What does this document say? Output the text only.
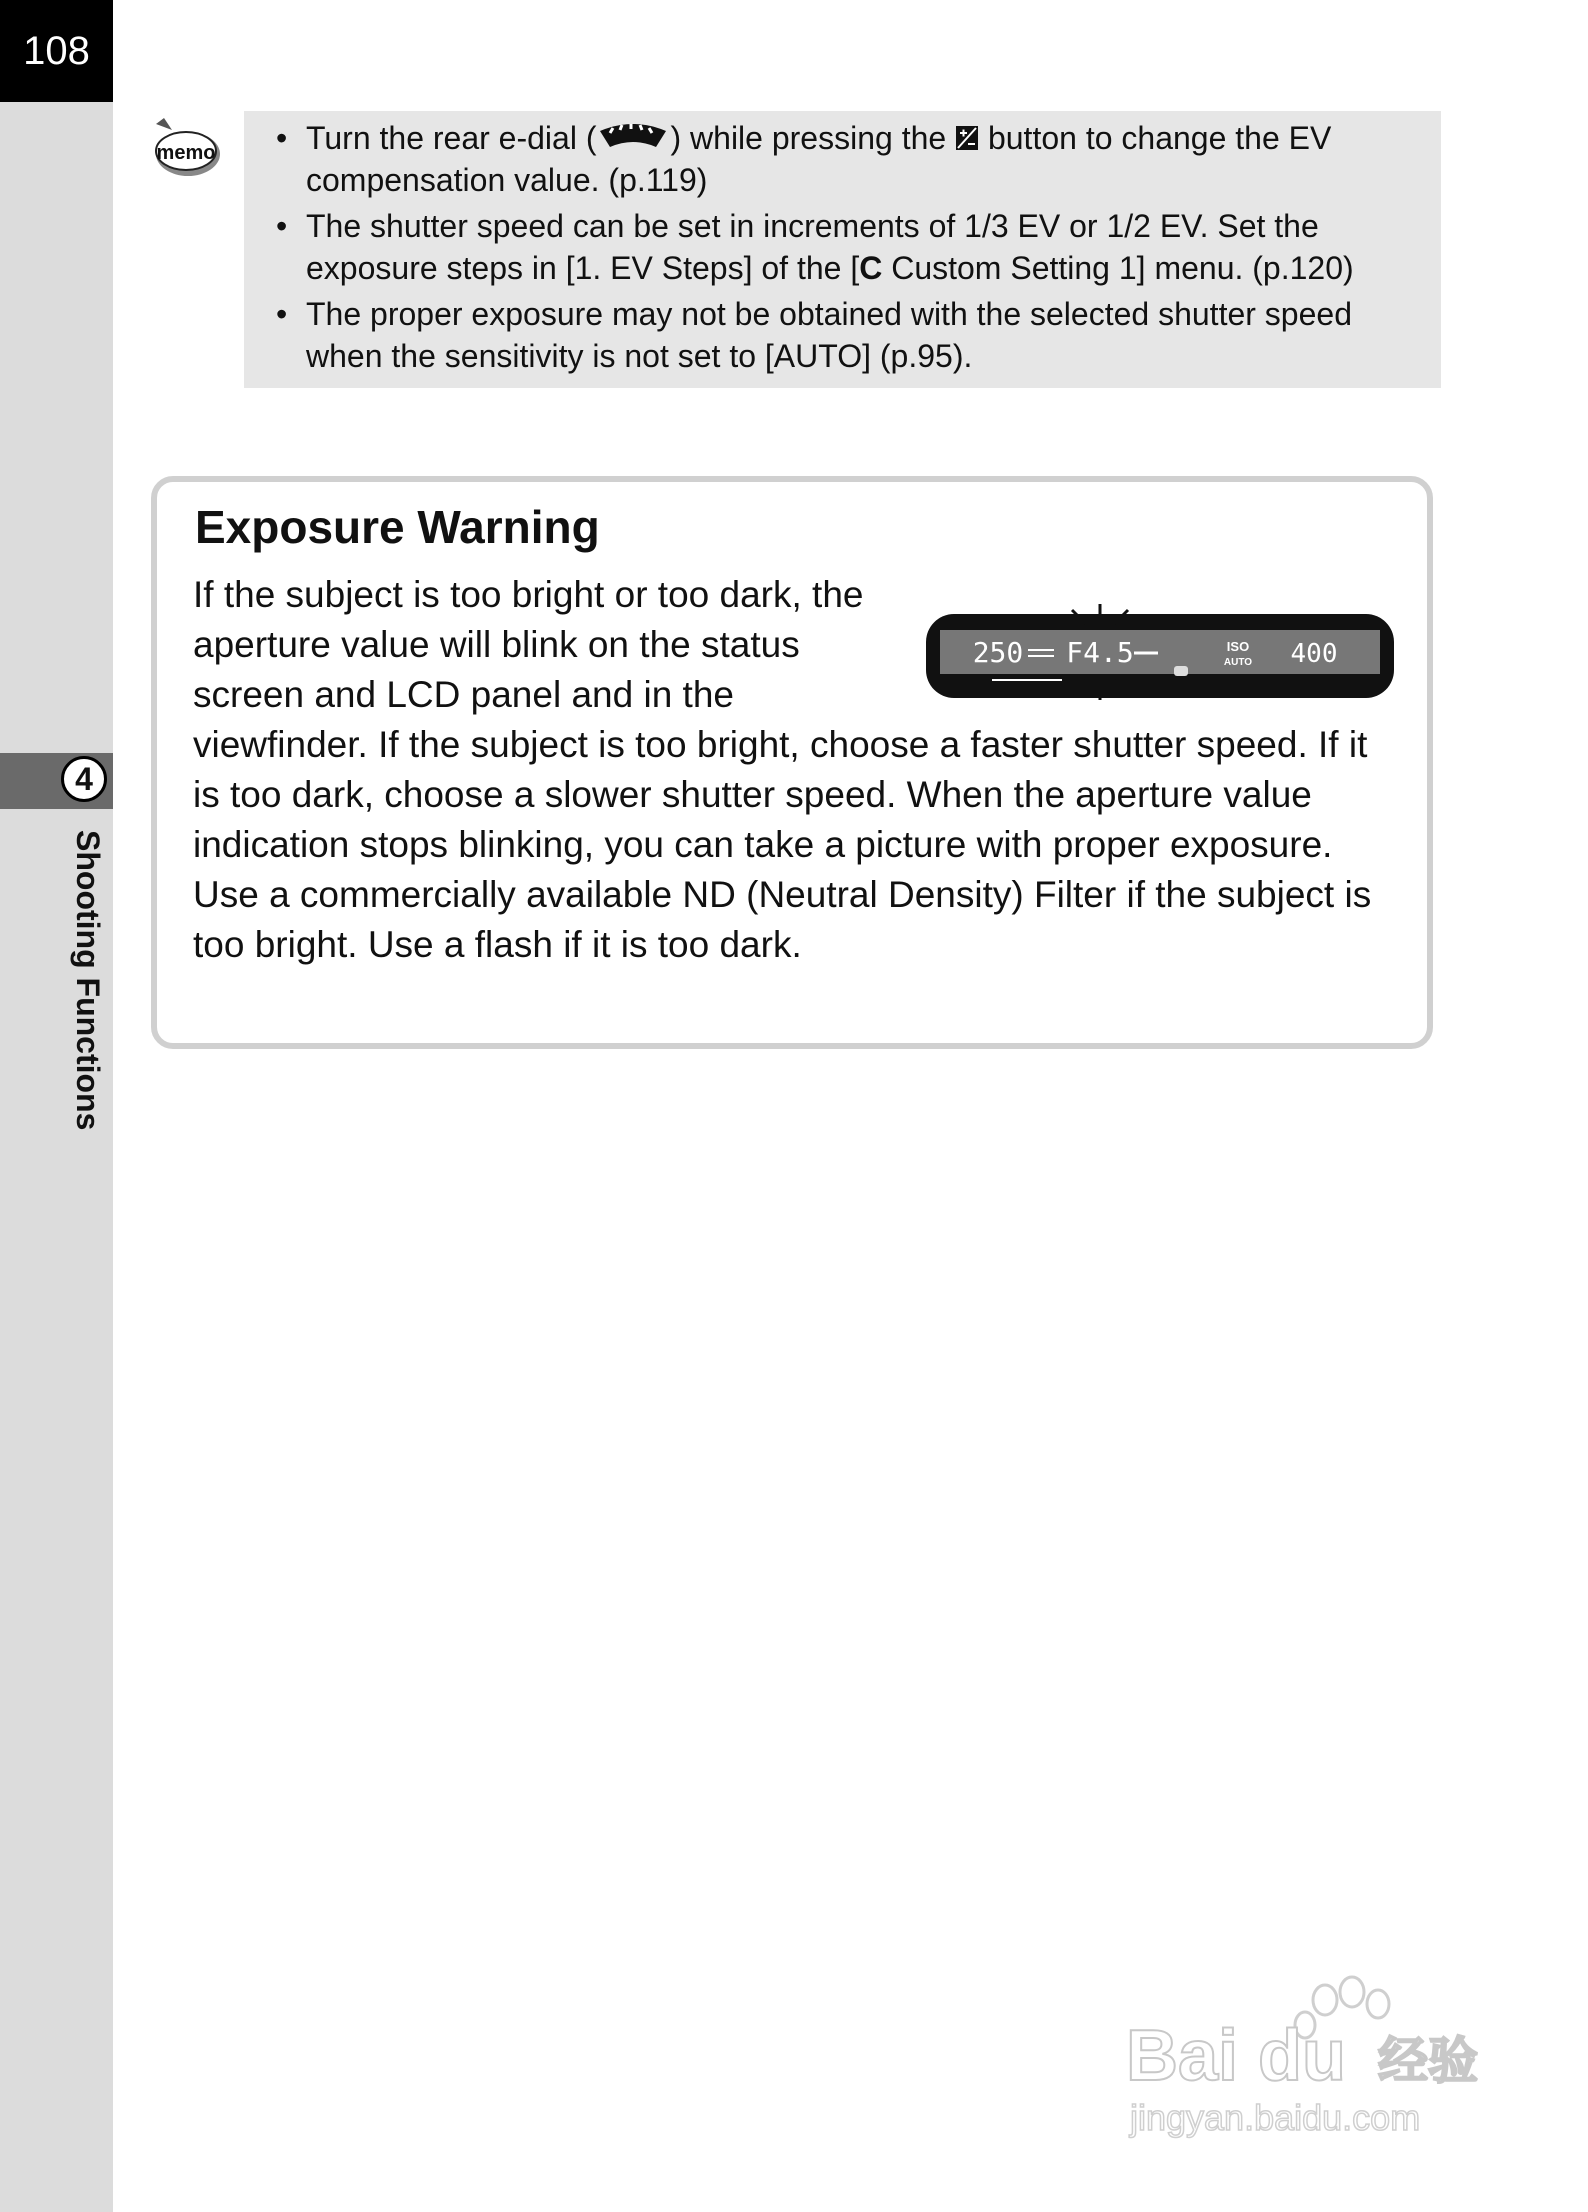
108
4
Shooting Functions
memo • Turn the rear e-dial ( ) while pressing the  button to change the EV
compensation value. (p.119)
• The shutter speed can be set in increments of 1/3 EV or 1/2 EV. Set the
exposure steps in [1. EV Steps] of the [C Custom Setting 1] menu. (p.120)
• The proper exposure may not be obtained with the selected shutter speed
when the sensitivity is not set to [AUTO] (p.95).
Exposure Warning

If the subject is too bright or too dark, the aperture value will blink on the status screen and LCD panel and in the viewfinder. If the subject is too bright, choose a faster shutter speed. If it is too dark, choose a slower shutter speed. When the aperture value indication stops blinking, you can take a picture with proper exposure.

Use a commercially available ND (Neutral Density) Filter if the subject is too bright. Use a flash if it is too dark.

250 F4.5	ISO
AUTO 400
Bai du 经验
jingyan.baidu.com
